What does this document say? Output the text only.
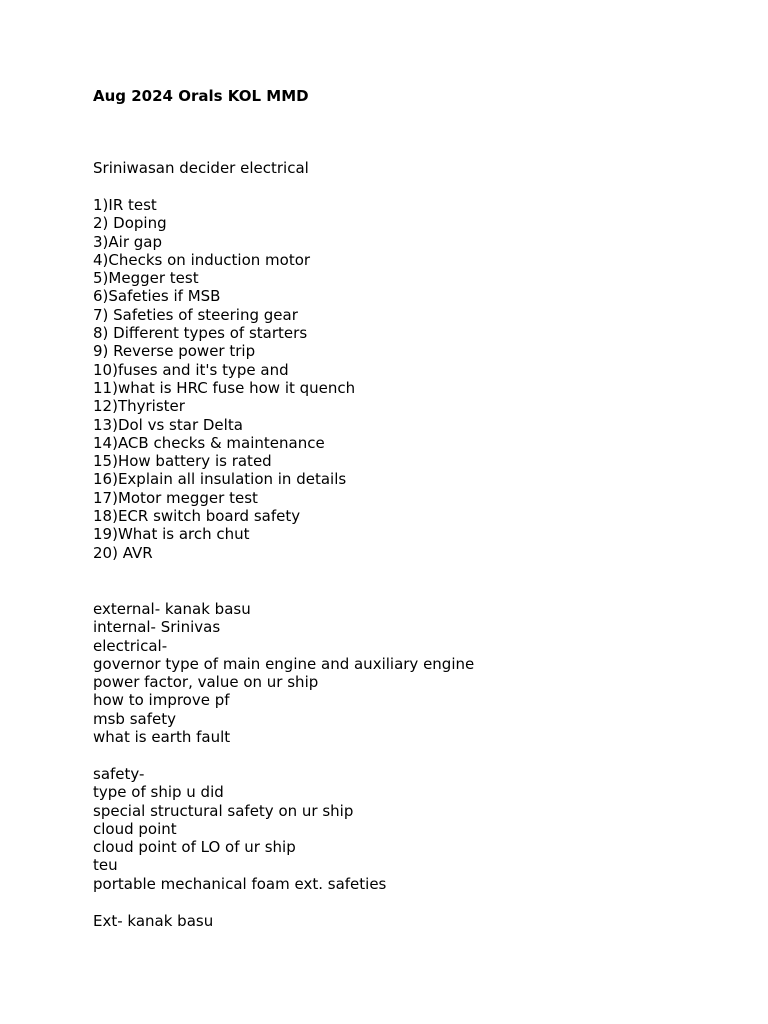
Aug 2024 Orals KOL MMD
Sriniwasan decider electrical
1)IR test
2) Doping
3)Air gap
4)Checks on induction motor
5)Megger test
6)Safeties if MSB
7) Safeties of steering gear
8) Different types of starters
9) Reverse power trip
10)fuses and it's type and
11)what is HRC fuse how it quench
12)Thyrister
13)Dol vs star Delta
14)ACB checks & maintenance
15)How battery is rated
16)Explain all insulation in details
17)Motor megger test
18)ECR switch board safety
19)What is arch chut
20) AVR
external- kanak basu
internal- Srinivas
electrical-
governor type of main engine and auxiliary engine
power factor, value on ur ship
how to improve pf
msb safety
what is earth fault
safety-
type of ship u did
special structural safety on ur ship
cloud point
cloud point of LO of ur ship
teu
portable mechanical foam ext. safeties
Ext- kanak basu
